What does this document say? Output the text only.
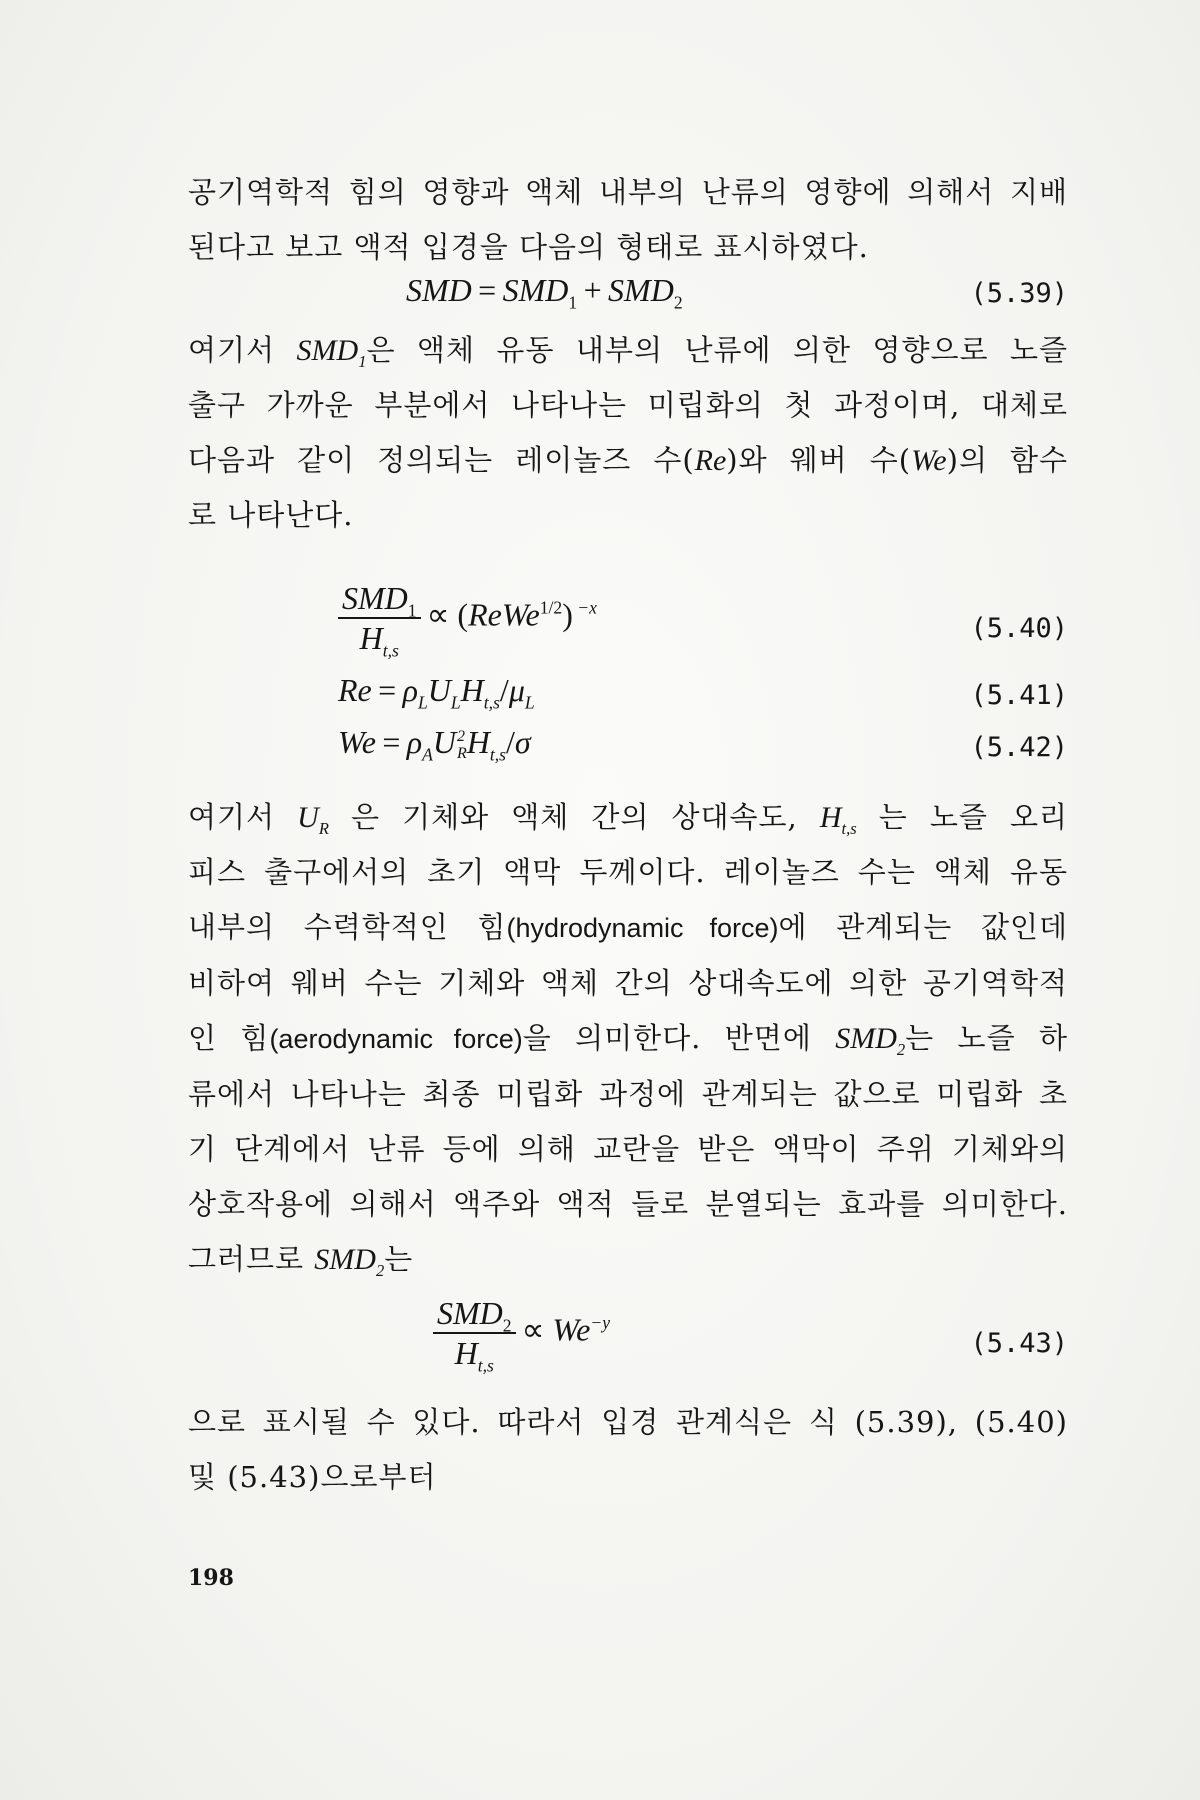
공기역학적 힘의 영향과 액체 내부의 난류의 영향에 의해서 지배
된다고 보고 액적 입경을 다음의 형태로 표시하였다.
SMD = $SMD_1 + SMD_2$	(5.39)
여기서 $SMD_1$은 액체 유동 내부의 난류에 의한 영향으로 노즐
출구 가까운 부분에서 나타나는 미립화의 첫 과정이며, 대체로
다음과 같이 정의되는 레이놀즈 수(Re)와 웨버 수(We)의 함수
로 나타난다.
$\frac{SMD_1}{H_{t,s}}$ ∝ (ReWe$^{1/2}$) $^{-x}$
(5.40)
$Re = \rho_LU_LH_{t,s}/\mu_L$	(5.41)
$We = \rho_AU$ 2
R $H_{t,s}/\sigma$	(5.42)
여기서 $U_R$ 은 기체와 액체 간의 상대속도, $H_{t,s}$ 는 노즐 오리
피스 출구에서의 초기 액막 두께이다. 레이놀즈 수는 액체 유동
내부의 수력학적인 힘(hydrodynamic force)에 관계되는 값인데
비하여 웨버 수는 기체와 액체 간의 상대속도에 의한 공기역학적
인 힘(aerodynamic force)을 의미한다. 반면에 $SMD_2$는 노즐 하
류에서 나타나는 최종 미립화 과정에 관계되는 값으로 미립화 초
기 단계에서 난류 등에 의해 교란을 받은 액막이 주위 기체와의
상호작용에 의해서 액주와 액적 들로 분열되는 효과를 의미한다.
그러므로 $SMD_2$는
$\frac{SMD_2}{H_{t,s}} \propto We^{-y}$
(5.43)
으로 표시될 수 있다. 따라서 입경 관계식은 식 (5.39), (5.40)
및 (5.43)으로부터
198
